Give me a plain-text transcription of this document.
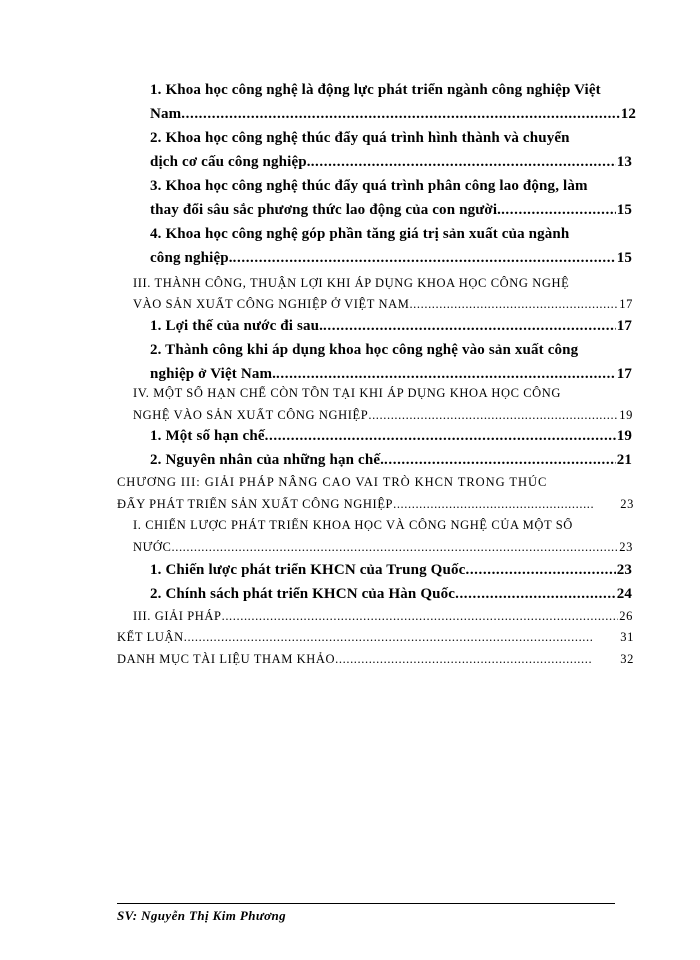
1. Khoa học công nghệ là động lực phát triển ngành công nghiệp Việt
Nam .....	12
2. Khoa học công nghệ thúc đẩy quá trình hình thành và chuyển
dịch cơ cấu công nghiệp. .....	13
3. Khoa học công nghệ thúc đẩy quá trình phân công lao động, làm
thay đổi sâu sắc phương thức lao động của con người. .....	15
4. Khoa học công nghệ góp phần tăng giá trị sản xuất của ngành
công nghiệp. .....	15
III. THÀNH CÔNG, THUẬN LỢI KHI ÁP DỤNG KHOA HỌC CÔNG NGHỆ
VÀO SẢN XUẤT CÔNG NGHIỆP Ở VIỆT NAM .....	17
1. Lợi thế của nước đi sau. .....	17
2. Thành công khi áp dụng khoa học công nghệ vào sản xuất công
nghiệp ở Việt Nam. .....	17
IV. MỘT SỐ HẠN CHẾ CÒN TỒN TẠI KHI ÁP DỤNG KHOA HỌC CÔNG
NGHỆ VÀO SẢN XUẤT CÔNG NGHIỆP .....	19
1. Một số hạn chế .....	19
2. Nguyên nhân của những hạn chế. .....	21
CHƯƠNG III: GIẢI PHÁP NÂNG CAO VAI TRÒ KHCN TRONG THÚC
ĐẨY PHÁT TRIỂN SẢN XUẤT CÔNG NGHIỆP .....	23
I. CHIẾN LƯỢC PHÁT TRIỂN KHOA HỌC VÀ CÔNG NGHỆ CỦA MỘT SỐ
NƯỚC .....	23
1. Chiến lược phát triển KHCN của Trung Quốc .....	23
2. Chính sách phát triển KHCN của Hàn Quốc .....	24
III. GIẢI PHÁP .....	26
KẾT LUẬN .....	31
DANH MỤC TÀI LIỆU THAM KHẢO .....	32
SV: Nguyễn Thị Kim Phương
